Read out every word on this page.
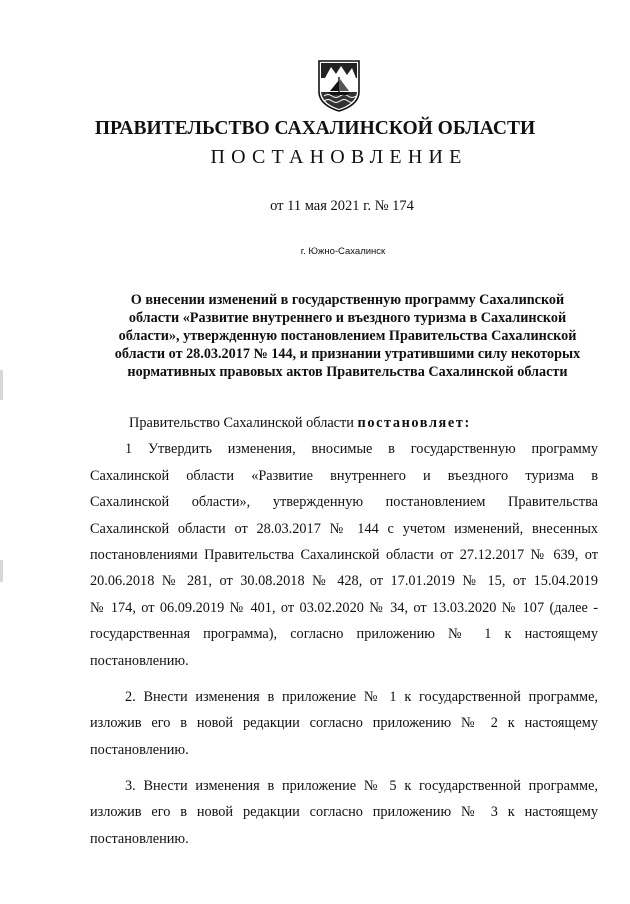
ПРАВИТЕЛЬСТВО САХАЛИНСКОЙ ОБЛАСТИ
ПОСТАНОВЛЕНИЕ
от 11 мая 2021 г. № 174
г. Южно-Сахалинск
О внесении изменений в государственную программу Сахалиnской
области «Развитие внутреннего и въездного туризма в Сахалинской
области», утвержденную постановлением Правительства Сахалинской
области от 28.03.2017 № 144, и признании утратившими силу некоторых
нормативных правовых актов Правительства Сахалинской области
Правительство Сахалинской области постановляет:
1 Утвердить изменения, вносимые в государственную программу
Сахалинской области «Развитие внутреннего и въездного туризма в
Сахалинской области», утвержденную постановлением Правительства
Сахалинской области от 28.03.2017 № 144 с учетом изменений, внесенных
постановлениями Правительства Сахалинской области от 27.12.2017 № 639, от
20.06.2018 № 281, от 30.08.2018 № 428, от 17.01.2019 № 15, от 15.04.2019
№ 174, от 06.09.2019 № 401, от 03.02.2020 № 34, от 13.03.2020 № 107 (далее -
государственная программа), согласно приложению № 1 к настоящему
постановлению.
2. Внести изменения в приложение № 1 к государственной программе,
изложив его в новой редакции согласно приложению № 2 к настоящему
постановлению.
3. Внести изменения в приложение № 5 к государственной программе,
изложив его в новой редакции согласно приложению № 3 к настоящему
постановлению.
